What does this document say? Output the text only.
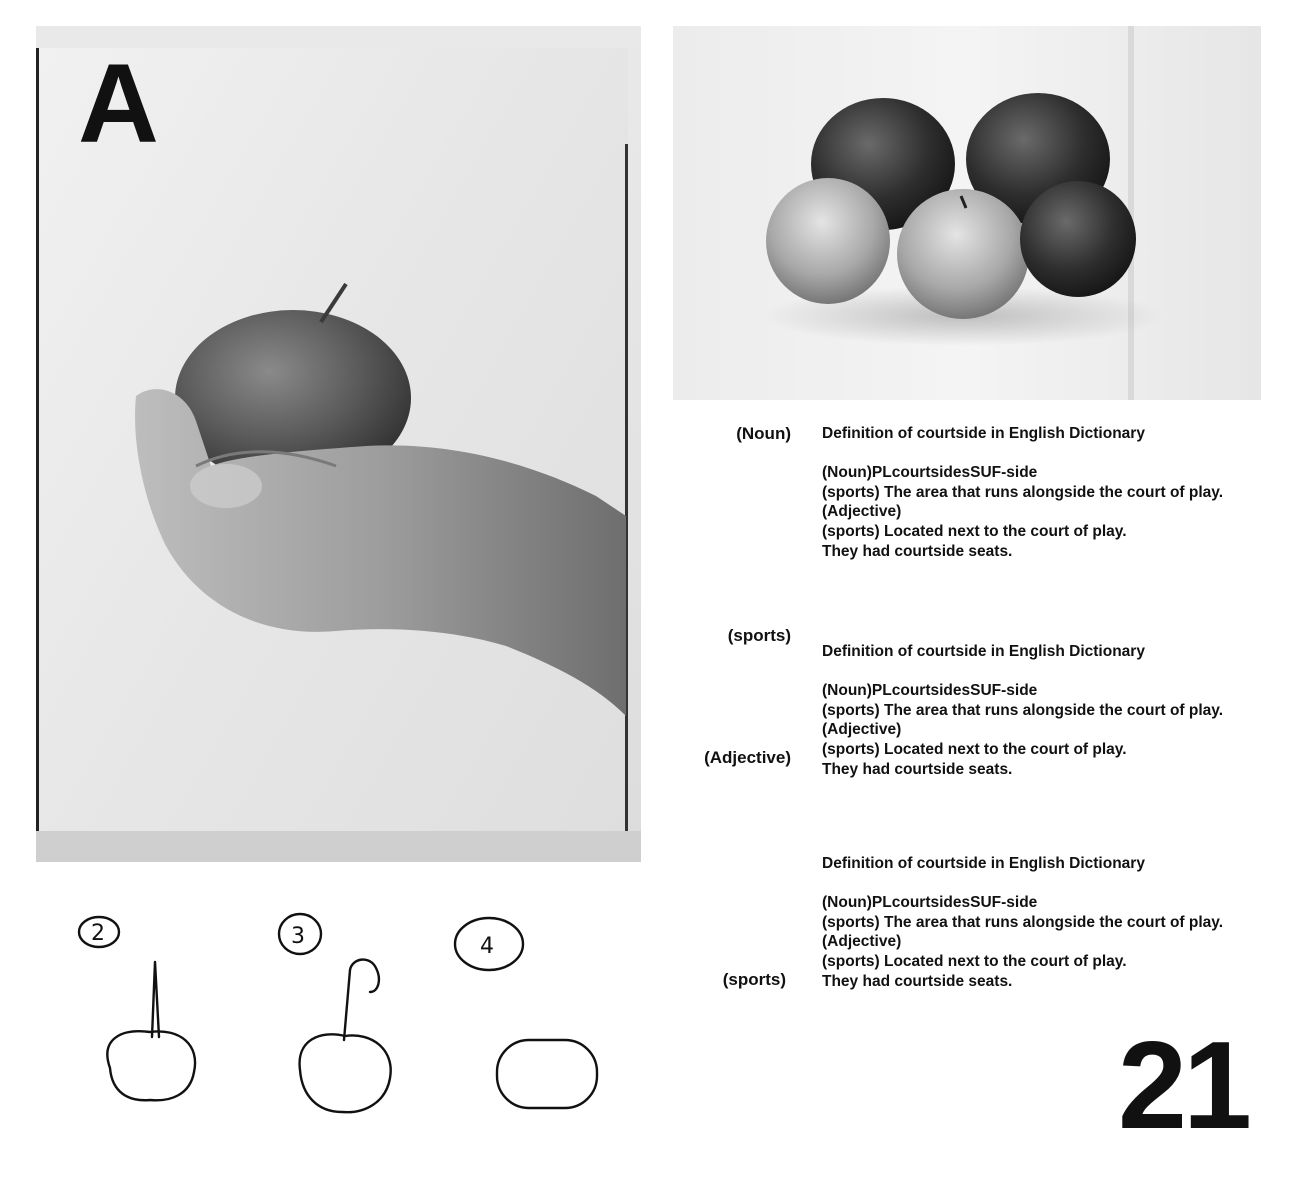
A
(Noun)
(sports)
(Adjective)
(sports)
Definition of courtside in English Dictionary
(Noun)PLcourtsidesSUF-side
(sports) The area that runs alongside the court of play.
(Adjective)
(sports) Located next to the court of play.
They had courtside seats.
Definition of courtside in English Dictionary
(Noun)PLcourtsidesSUF-side
(sports) The area that runs alongside the court of play.
(Adjective)
(sports) Located next to the court of play.
They had courtside seats.
Definition of courtside in English Dictionary
(Noun)PLcourtsidesSUF-side
(sports) The area that runs alongside the court of play.
(Adjective)
(sports) Located next to the court of play.
They had courtside seats.
2	3	4
21
